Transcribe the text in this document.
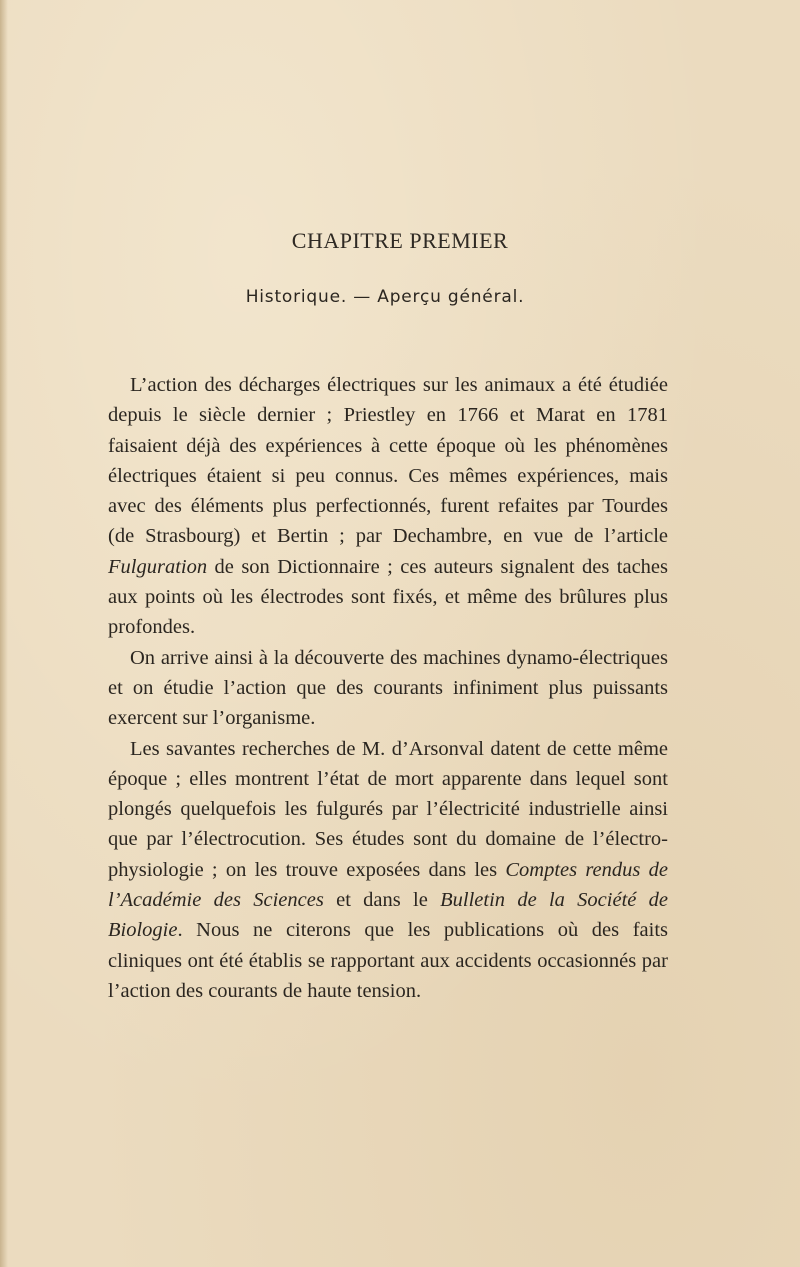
CHAPITRE PREMIER
Historique. — Aperçu général.

L’action des décharges électriques sur les animaux a été étudiée depuis le siècle dernier ; Priestley en 1766 et Marat en 1781 faisaient déjà des expériences à cette époque où les phénomènes électriques étaient si peu connus. Ces mêmes expériences, mais avec des éléments plus perfectionnés, furent refaites par Tourdes (de Strasbourg) et Bertin ; par Dechambre, en vue de l’article Fulguration de son Dictionnaire ; ces auteurs signalent des taches aux points où les électrodes sont fixés, et même des brûlures plus profondes.

On arrive ainsi à la découverte des machines dynamo-électriques et on étudie l’action que des courants infiniment plus puissants exercent sur l’organisme.

Les savantes recherches de M. d’Arsonval datent de cette même époque ; elles montrent l’état de mort apparente dans lequel sont plongés quelquefois les fulgurés par l’électricité industrielle ainsi que par l’électrocution. Ses études sont du domaine de l’électro-physiologie ; on les trouve exposées dans les Comptes rendus de l’Académie des Sciences et dans le Bulletin de la Société de Biologie. Nous ne citerons que les publications où des faits cliniques ont été établis se rapportant aux accidents occasionnés par l’action des courants de haute tension.
